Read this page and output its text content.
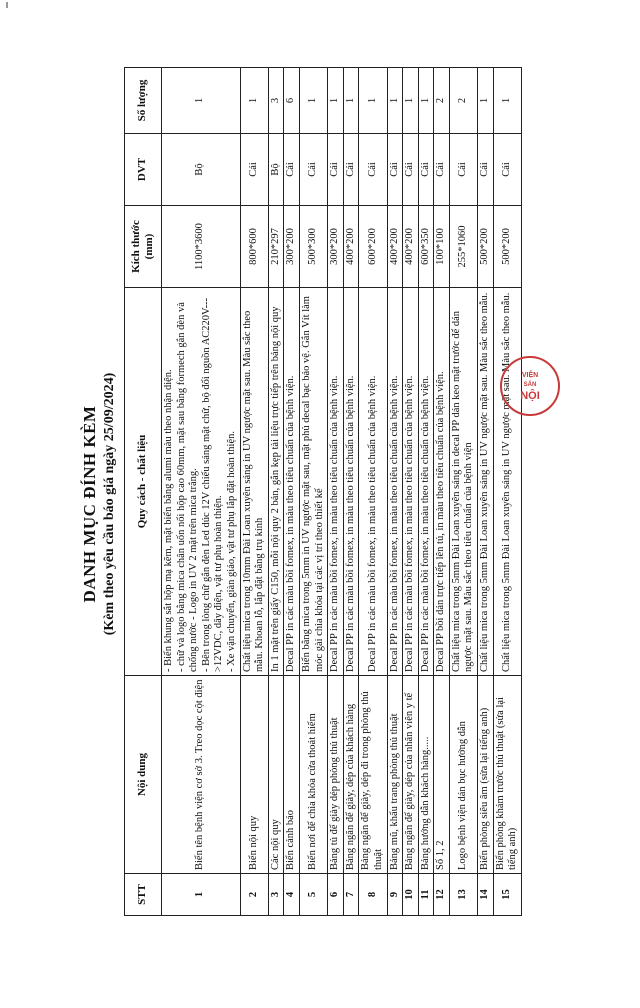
DANH MỤC ĐÍNH KÈM (Kèm theo yêu cầu báo giá ngày 25/09/2024)
STT	Nội dung	Quy cách - chất liệu	Kích thước (mm)	DVT	Số lượng
1	Biển tên bệnh viện cơ sở 3. Treo dọc cột điện	- Biển khung sắt hộp mạ kẽm, mặt biển bằng alumi màu theo nhận diện. - chữ và logo bằng mica chân uốn nổi hộp cao 60mm, mặt sau bằng formech gắn đèn và chống nước - Logo in UV 2 mặt trên mica trắng. - Bên trong lòng chữ gắn đèn Led dúc 12V chiếu sáng mặt chữ, bộ đổi nguồn AC220V--->12VDC, dây điện, vật tư phụ hoàn thiện. - Xe vận chuyển, giàn giáo, vật tư phụ lắp đặt hoàn thiện.	1100*3600	Bộ	1
2	Biển nội quy	Chất liệu mica trong 10mm Đài Loan xuyên sáng in UV ngược mặt sau. Màu sắc theo mẫu. Khoan lỗ, lắp đặt bằng trụ kính	800*600	Cái	1
3	Các nội quy	In 1 mặt trên giấy C150, mỗi nội quy 2 bản, gắn kẹp tài liệu trực tiếp trên bảng nội quy	210*297	Bộ	3
4	Biển cảnh báo	Decal PP in các màu bồi fomex, in màu theo tiêu chuẩn của bệnh viện.	300*200	Cái	6
5	Biển nơi để chìa khóa cửa thoát hiểm	Biển bằng mica trong 5mm in UV ngược mặt sau, mặt phủ decal bạc bảo vệ. Gắn Vít làm móc gài chìa khóa tại các vị trí theo thiết kế	500*300	Cái	1
6	Bảng tủ để giày dép phòng thủ thuật	Decal PP in các màu bồi fomex, in màu theo tiêu chuẩn của bệnh viện.	300*200	Cái	1
7	Bảng ngăn để giày, dép của khách hàng	Decal PP in các màu bồi fomex, in màu theo tiêu chuẩn của bệnh viện.	400*200	Cái	1
8	Bảng ngăn để giày, dép đi trong phòng thủ thuật	Decal PP in các màu bồi fomex, in màu theo tiêu chuẩn của bệnh viện.	600*200	Cái	1
9	Bảng mũ, khẩu trang phòng thủ thuật	Decal PP in các màu bồi fomex, in màu theo tiêu chuẩn của bệnh viện.	400*200	Cái	1
10	Bảng ngăn để giày, dép của nhân viên y tế	Decal PP in các màu bồi fomex, in màu theo tiêu chuẩn của bệnh viện.	400*200	Cái	1
11	Bảng hướng dẫn khách hàng.....	Decal PP in các màu bồi fomex, in màu theo tiêu chuẩn của bệnh viện.	600*350	Cái	1
12	Số 1, 2	Decal PP bồi dán trực tiếp lên tủ, in màu theo tiêu chuẩn của bệnh viện.	100*100	Cái	2
13	Logo bệnh viện dán bục hướng dẫn	Chất liệu mica trong 5mm Đài Loan xuyên sáng in decal PP dán keo mặt trước để dán ngược mặt sau. Màu sắc theo tiêu chuẩn của bệnh viện	255*1060	Cái	2
14	Biển phòng siêu âm (sửa lại tiếng anh)	Chất liệu mica trong 5mm Đài Loan xuyên sáng in UV ngược mặt sau. Màu sắc theo mẫu.	500*200	Cái	1
15	Biển phòng khám trước thủ thuật (sửa lại tiếng anh)	Chất liệu mica trong 5mm Đài Loan xuyên sáng in UV ngược mặt sau. Màu sắc theo mẫu.	500*200	Cái	1
VIỆN
SẢN
NỘI
